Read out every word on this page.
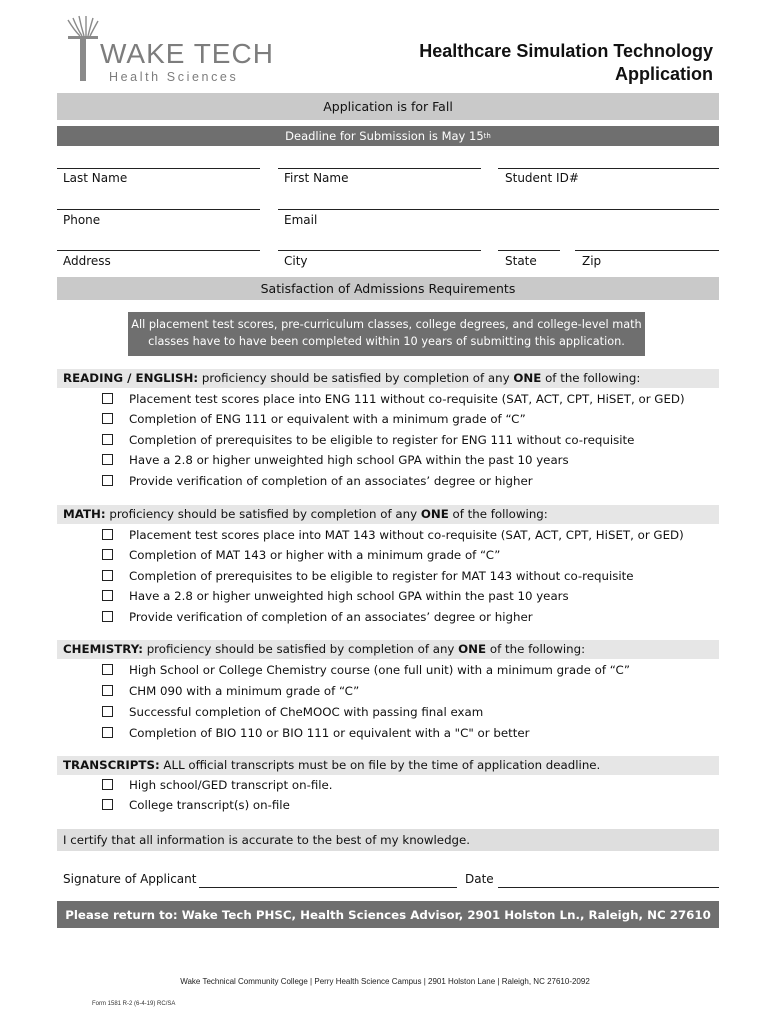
WAKE TECH
Health Sciences
Healthcare Simulation Technology
Application
Application is for Fall
Deadline for Submission is May 15 th
Last Name	First Name	Student ID#
Phone	Email
Address	City	State	Zip
Satisfaction of Admissions Requirements
All placement test scores, pre-curriculum classes, college degrees, and college-level math
classes have to have been completed within 10 years of submitting this application.
READING / ENGLISH: proficiency should be satisfied by completion of any ONE of the following:
Placement test scores place into ENG 111 without co-requisite (SAT, ACT, CPT, HiSET, or GED)
Completion of ENG 111 or equivalent with a minimum grade of “C”
Completion of prerequisites to be eligible to register for ENG 111 without co-requisite
Have a 2.8 or higher unweighted high school GPA within the past 10 years
Provide verification of completion of an associates’ degree or higher
MATH: proficiency should be satisfied by completion of any ONE of the following:
Placement test scores place into MAT 143 without co-requisite (SAT, ACT, CPT, HiSET, or GED)
Completion of MAT 143 or higher with a minimum grade of “C”
Completion of prerequisites to be eligible to register for MAT 143 without co-requisite
Have a 2.8 or higher unweighted high school GPA within the past 10 years
Provide verification of completion of an associates’ degree or higher
CHEMISTRY: proficiency should be satisfied by completion of any ONE of the following:
High School or College Chemistry course (one full unit) with a minimum grade of “C”
CHM 090 with a minimum grade of “C”
Successful completion of CheMOOC with passing final exam
Completion of BIO 110 or BIO 111 or equivalent with a "C" or better
TRANSCRIPTS: ALL official transcripts must be on file by the time of application deadline.
High school/GED transcript on-file.
College transcript(s) on-file
I certify that all information is accurate to the best of my knowledge.
Signature of Applicant	Date
Please return to: Wake Tech PHSC, Health Sciences Advisor, 2901 Holston Ln., Raleigh, NC 27610
Wake Technical Community College | Perry Health Science Campus | 2901 Holston Lane | Raleigh, NC 27610-2092
Form 1581 R-2 (6-4-19) RC/SA
